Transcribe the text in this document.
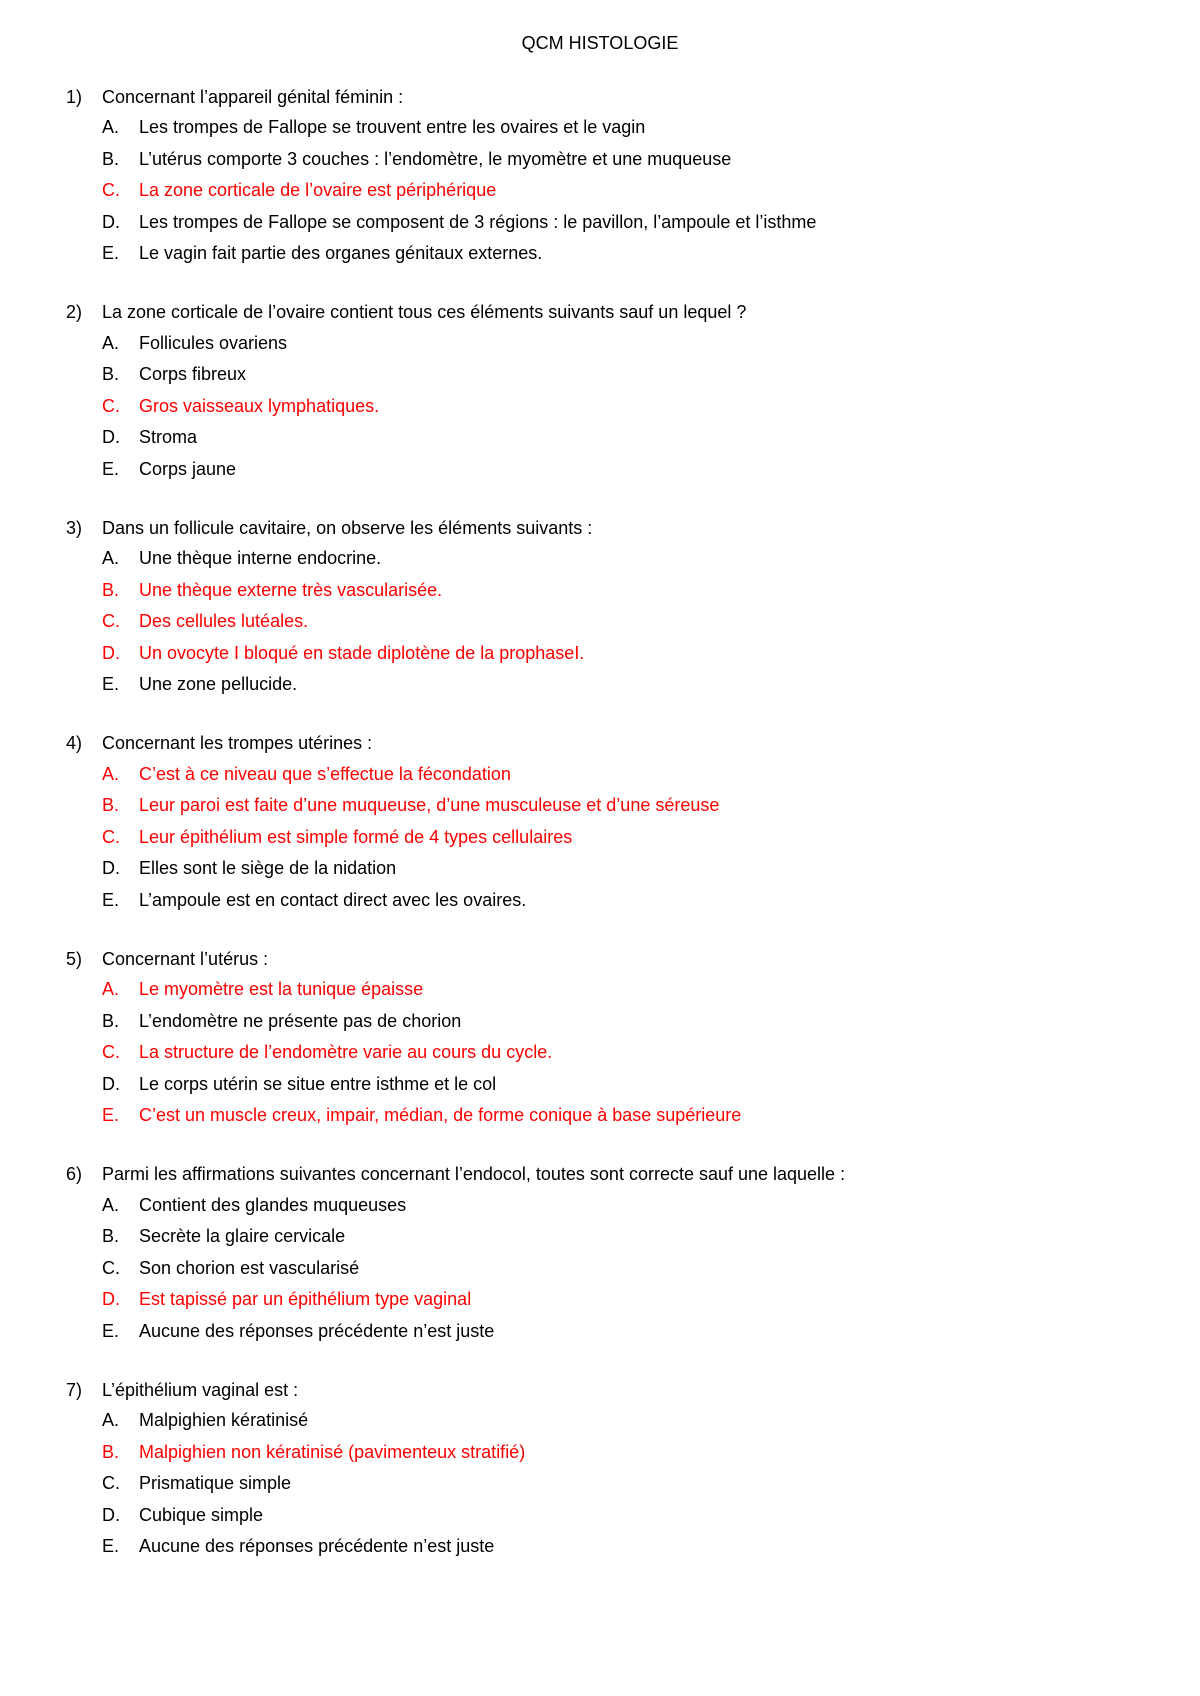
QCM HISTOLOGIE
1)	Concernant l’appareil génital féminin :
A.	Les trompes de Fallope se trouvent entre les ovaires et le vagin
B.	L’utérus comporte 3 couches : l’endomètre, le myomètre et une muqueuse
C.	La zone corticale de l’ovaire est périphérique
D.	Les trompes de Fallope se composent de 3 régions : le pavillon, l’ampoule et l’isthme
E.	Le vagin fait partie des organes génitaux externes.
2)	La zone corticale de l’ovaire contient tous ces éléments suivants sauf un lequel ?
A.	Follicules ovariens
B.	Corps fibreux
C.	Gros vaisseaux lymphatiques.
D.	Stroma
E.	Corps jaune
3)	Dans un follicule cavitaire, on observe les éléments suivants :
A.	Une thèque interne endocrine.
B.	Une thèque externe très vascularisée.
C.	Des cellules lutéales.
D.	Un ovocyte I bloqué en stade diplotène de la prophaseI.
E.	Une zone pellucide.
4)	Concernant les trompes utérines :
A.	C’est à ce niveau que s’effectue la fécondation
B.	Leur paroi est faite d’une muqueuse, d’une musculeuse et d’une séreuse
C.	Leur épithélium est simple formé de 4 types cellulaires
D.	Elles sont le siège de la nidation
E.	L’ampoule est en contact direct avec les ovaires.
5)	Concernant l’utérus :
A.	Le myomètre est la tunique épaisse
B.	L’endomètre ne présente pas de chorion
C.	La structure de l’endomètre varie au cours du cycle.
D.	Le corps utérin se situe entre isthme et le col
E.	C’est un muscle creux, impair, médian, de forme conique à base supérieure
6)	Parmi les affirmations suivantes concernant l’endocol, toutes sont correcte sauf une laquelle :
A.	Contient des glandes muqueuses
B.	Secrète la glaire cervicale
C.	Son chorion est vascularisé
D.	Est tapissé par un épithélium type vaginal
E.	Aucune des réponses précédente n’est juste
7)	L’épithélium vaginal est :
A.	Malpighien kératinisé
B.	Malpighien non kératinisé (pavimenteux stratifié)
C.	Prismatique simple
D.	Cubique simple
E.	Aucune des réponses précédente n’est juste
